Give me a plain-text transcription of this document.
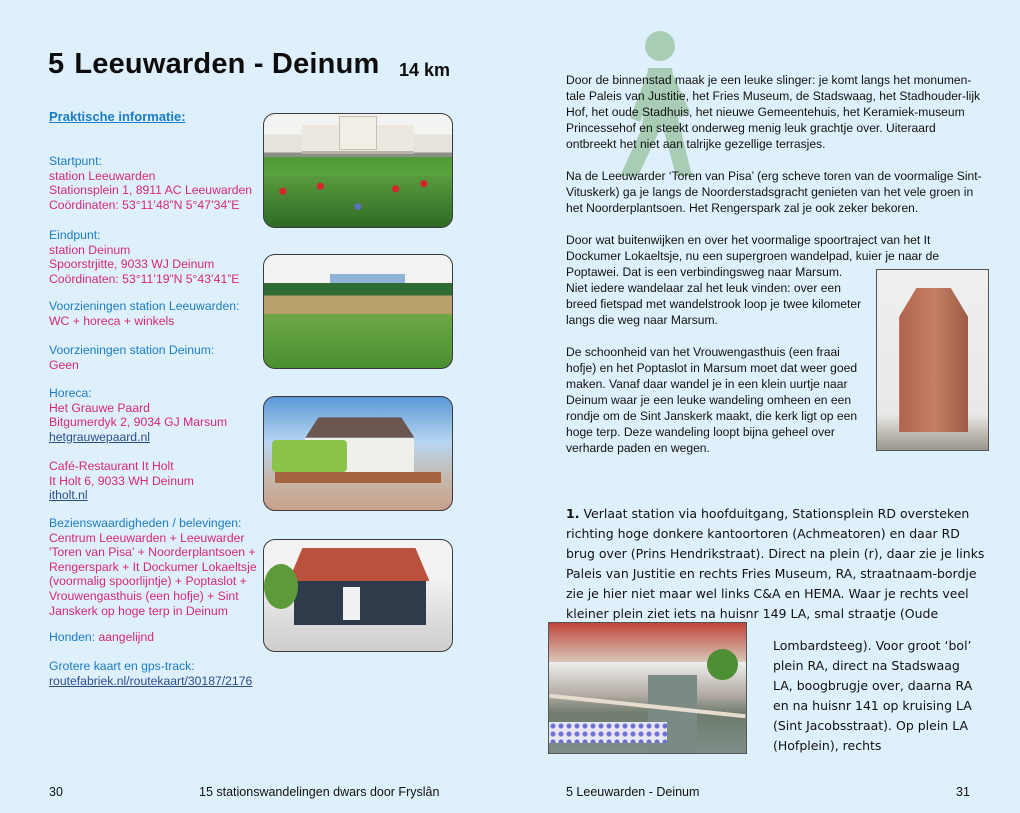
5 Leeuwarden - Deinum 14 km
Praktische informatie:
Startpunt:
station Leeuwarden
Stationsplein 1, 8911 AC Leeuwarden
Coördinaten: 53°11’48”N 5°47’34”E
Eindpunt:
station Deinum
Spoorstrjitte, 9033 WJ Deinum
Coördinaten: 53°11’19”N 5°43’41”E
Voorzieningen station Leeuwarden:
WC + horeca + winkels
Voorzieningen station Deinum:
Geen
Horeca:
Het Grauwe Paard
Bitgumerdyk 2, 9034 GJ Marsum
hetgrauwepaard.nl
Café-Restaurant It Holt
It Holt 6, 9033 WH Deinum
itholt.nl
Bezienswaardigheden / belevingen:
Centrum Leeuwarden + Leeuwarder 'Toren van Pisa' + Noorderplantsoen + Rengerspark + It Dockumer Lokaeltsje (voormalig spoorlijntje) + Poptaslot + Vrouwengasthuis (een hofje) + Sint Janskerk op hoge terp in Deinum
Honden: aangelijnd
Grotere kaart en gps-track:
routefabriek.nl/routekaart/30187/2176
30	15 stationswandelingen dwars door Fryslân
Door de binnenstad maak je een leuke slinger: je komt langs het monumen-tale Paleis van Justitie, het Fries Museum, de Stadswaag, het Stadhouder-lijk Hof, het oude Stadhuis, het nieuwe Gemeentehuis, het Keramiek-museum Princessehof en steekt onderweg menig leuk grachtje over. Uiteraard ontbreekt het niet aan talrijke gezellige terrasjes.
Na de Leeuwarder ‘Toren van Pisa’ (erg scheve toren van de voormalige Sint-Vituskerk) ga je langs de Noorderstadsgracht genieten van het vele groen in het Noorderplantsoen. Het Rengerspark zal je ook zeker bekoren.
Door wat buitenwijken en over het voormalige spoortraject van het It Dockumer Lokaeltsje, nu een supergroen wandelpad, kuier je naar de
Poptawei. Dat is een verbindingsweg naar Marsum. Niet iedere wandelaar zal het leuk vinden: over een breed fietspad met wandelstrook loop je twee kilometer langs die weg naar Marsum.
De schoonheid van het Vrouwengasthuis (een fraai hofje) en het Poptaslot in Marsum moet dat weer goed maken. Vanaf daar wandel je in een klein uurtje naar Deinum waar je een leuke wandeling omheen en een rondje om de Sint Janskerk maakt, die kerk ligt op een hoge terp. Deze wandeling loopt bijna geheel over verharde paden en wegen.
1. Verlaat station via hoofduitgang, Stationsplein RD oversteken richting hoge donkere kantoortoren (Achmeatoren) en daar RD brug over (Prins Hendrikstraat). Direct na plein (r), daar zie je links Paleis van Justitie en rechts Fries Museum, RA, straatnaam-bordje zie je hier niet maar wel links C&A en HEMA. Waar je rechts veel kleiner plein ziet iets na huisnr 149 LA, smal straatje (Oude
Lombardsteeg). Voor groot ‘bol’ plein RA, direct na Stadswaag LA, boogbrugje over, daarna RA en na huisnr 141 op kruising LA (Sint Jacobsstraat). Op plein LA (Hofplein), rechts
5 Leeuwarden - Deinum	31
